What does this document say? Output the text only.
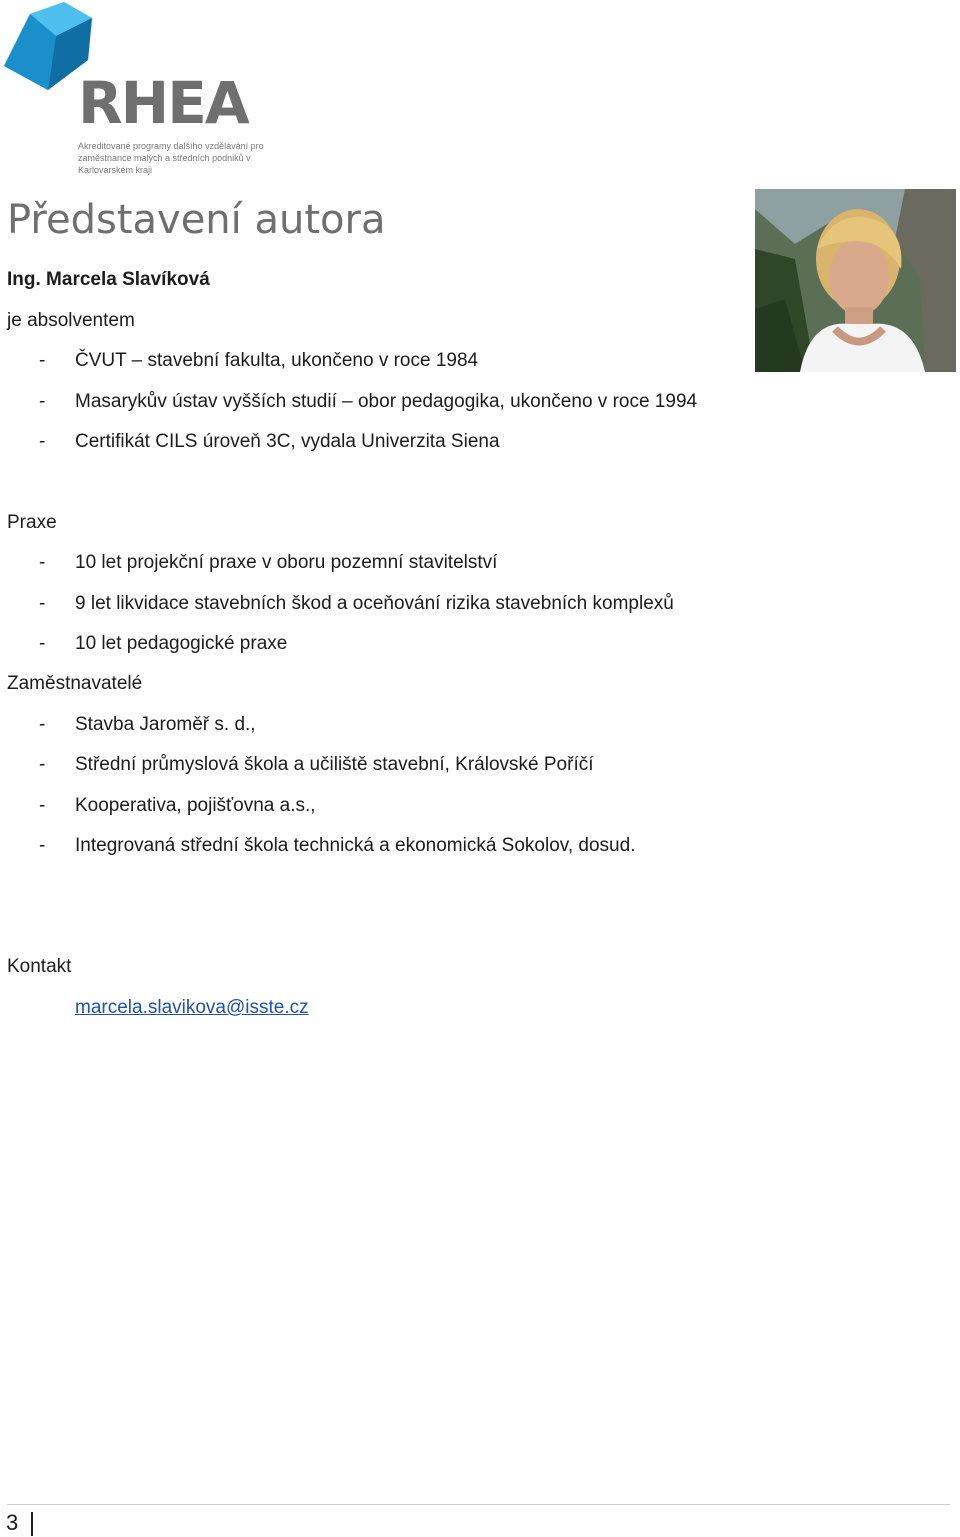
RHEA
Akreditované programy dalšího vzdělávání pro zaměstnance malých a středních podniků v Karlovarském kraji
Představení autora
Ing. Marcela Slavíková
je absolventem
- ČVUT – stavební fakulta, ukončeno v roce 1984
- Masarykův ústav vyšších studií – obor pedagogika, ukončeno v roce 1994
- Certifikát CILS úroveň 3C, vydala Univerzita Siena
Praxe
- 10 let projekční praxe v oboru pozemní stavitelství
- 9 let likvidace stavebních škod a oceňování rizika stavebních komplexů
- 10 let pedagogické praxe
Zaměstnavatelé
- Stavba Jaroměř s. d.,
- Střední průmyslová škola a učiliště stavební, Královské Poříčí
- Kooperativa, pojišťovna a.s.,
- Integrovaná střední škola technická a ekonomická Sokolov, dosud.
Kontakt
marcela.slavikova@isste.cz
3
